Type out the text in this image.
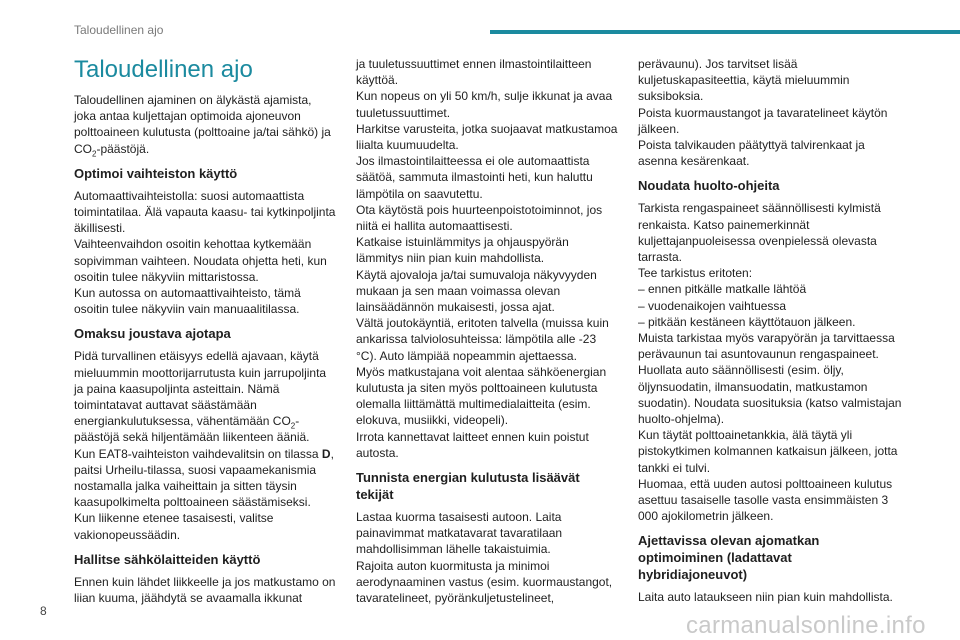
Taloudellinen ajo
Taloudellinen ajo

Taloudellinen ajaminen on älykästä ajamista, joka antaa kuljettajan optimoida ajoneuvon polttoaineen kulutusta (polttoaine ja/tai sähkö) ja $CO_2$-päästöjä.

Optimoi vaihteiston käyttö

Automaattivaihteistolla: suosi automaattista toimintatilaa. Älä vapauta kaasu- tai kytkinpoljinta äkillisesti.

Vaihteenvaihdon osoitin kehottaa kytkemään sopivimman vaihteen. Noudata ohjetta heti, kun osoitin tulee näkyviin mittaristossa.

Kun autossa on automaattivaihteisto, tämä osoitin tulee näkyviin vain manuaalitilassa.

Omaksu joustava ajotapa

Pidä turvallinen etäisyys edellä ajavaan, käytä mieluummin moottorijarrutusta kuin jarrupoljinta ja paina kaasupoljinta asteittain. Nämä toimintatavat auttavat säästämään energiankulutuksessa, vähentämään $CO_2$-päästöjä sekä hiljentämään liikenteen ääniä.

Kun EAT8-vaihteiston vaihdevalitsin on tilassa D, paitsi Urheilu-tilassa, suosi vapaamekanismia nostamalla jalka vaiheittain ja sitten täysin kaasupolkimelta polttoaineen säästämiseksi.

Kun liikenne etenee tasaisesti, valitse vakionopeussäädin.

Hallitse sähkölaitteiden käyttö

Ennen kuin lähdet liikkeelle ja jos matkustamo on liian kuuma, jäähdytä se avaamalla ikkunat

ja tuuletussuuttimet ennen ilmastointilaitteen käyttöä.

Kun nopeus on yli 50 km/h, sulje ikkunat ja avaa tuuletussuuttimet.

Harkitse varusteita, jotka suojaavat matkustamoa liialta kuumuudelta.

Jos ilmastointilaitteessa ei ole automaattista säätöä, sammuta ilmastointi heti, kun haluttu lämpötila on saavutettu.

Ota käytöstä pois huurteenpoistotoiminnot, jos niitä ei hallita automaattisesti.

Katkaise istuinlämmitys ja ohjauspyörän lämmitys niin pian kuin mahdollista.

Käytä ajovaloja ja/tai sumuvaloja näkyvyyden mukaan ja sen maan voimassa olevan lainsäädännön mukaisesti, jossa ajat.

Vältä joutokäyntiä, eritoten talvella (muissa kuin ankarissa talviolosuhteissa: lämpötila alle -23 °C). Auto lämpiää nopeammin ajettaessa.

Myös matkustajana voit alentaa sähköenergian kulutusta ja siten myös polttoaineen kulutusta olemalla liittämättä multimedialaitteita (esim. elokuva, musiikki, videopeli).

Irrota kannettavat laitteet ennen kuin poistut autosta.

Tunnista energian kulutusta lisäävät tekijät

Lastaa kuorma tasaisesti autoon. Laita painavimmat matkatavarat tavaratilaan mahdollisimman lähelle takaistuimia.

Rajoita auton kuormitusta ja minimoi aerodynaaminen vastus (esim. kuormaustangot, tavaratelineet, pyöränkuljetustelineet,

perävaunu). Jos tarvitset lisää kuljetuskapasiteettia, käytä mieluummin suksiboksia.

Poista kuormaustangot ja tavaratelineet käytön jälkeen.

Poista talvikauden päätyttyä talvirenkaat ja asenna kesärenkaat.

Noudata huolto-ohjeita

Tarkista rengaspaineet säännöllisesti kylmistä renkaista. Katso painemerkinnät kuljettajanpuoleisessa ovenpielessä olevasta tarrasta.

Tee tarkistus eritoten:

– ennen pitkälle matkalle lähtöä

– vuodenaikojen vaihtuessa

– pitkään kestäneen käyttötauon jälkeen.

Muista tarkistaa myös varapyörän ja tarvittaessa perävaunun tai asuntovaunun rengaspaineet.

Huollata auto säännöllisesti (esim. öljy, öljynsuodatin, ilmansuodatin, matkustamon suodatin). Noudata suosituksia (katso valmistajan huolto-ohjelma).

Kun täytät polttoainetankkia, älä täytä yli pistokytkimen kolmannen katkaisun jälkeen, jotta tankki ei tulvi.

Huomaa, että uuden autosi polttoaineen kulutus asettuu tasaiselle tasolle vasta ensimmäisten 3 000 ajokilometrin jälkeen.

Ajettavissa olevan ajomatkan optimoiminen (ladattavat hybridiajoneuvot)

Laita auto lataukseen niin pian kuin mahdollista.

8
carmanualsonline.info
